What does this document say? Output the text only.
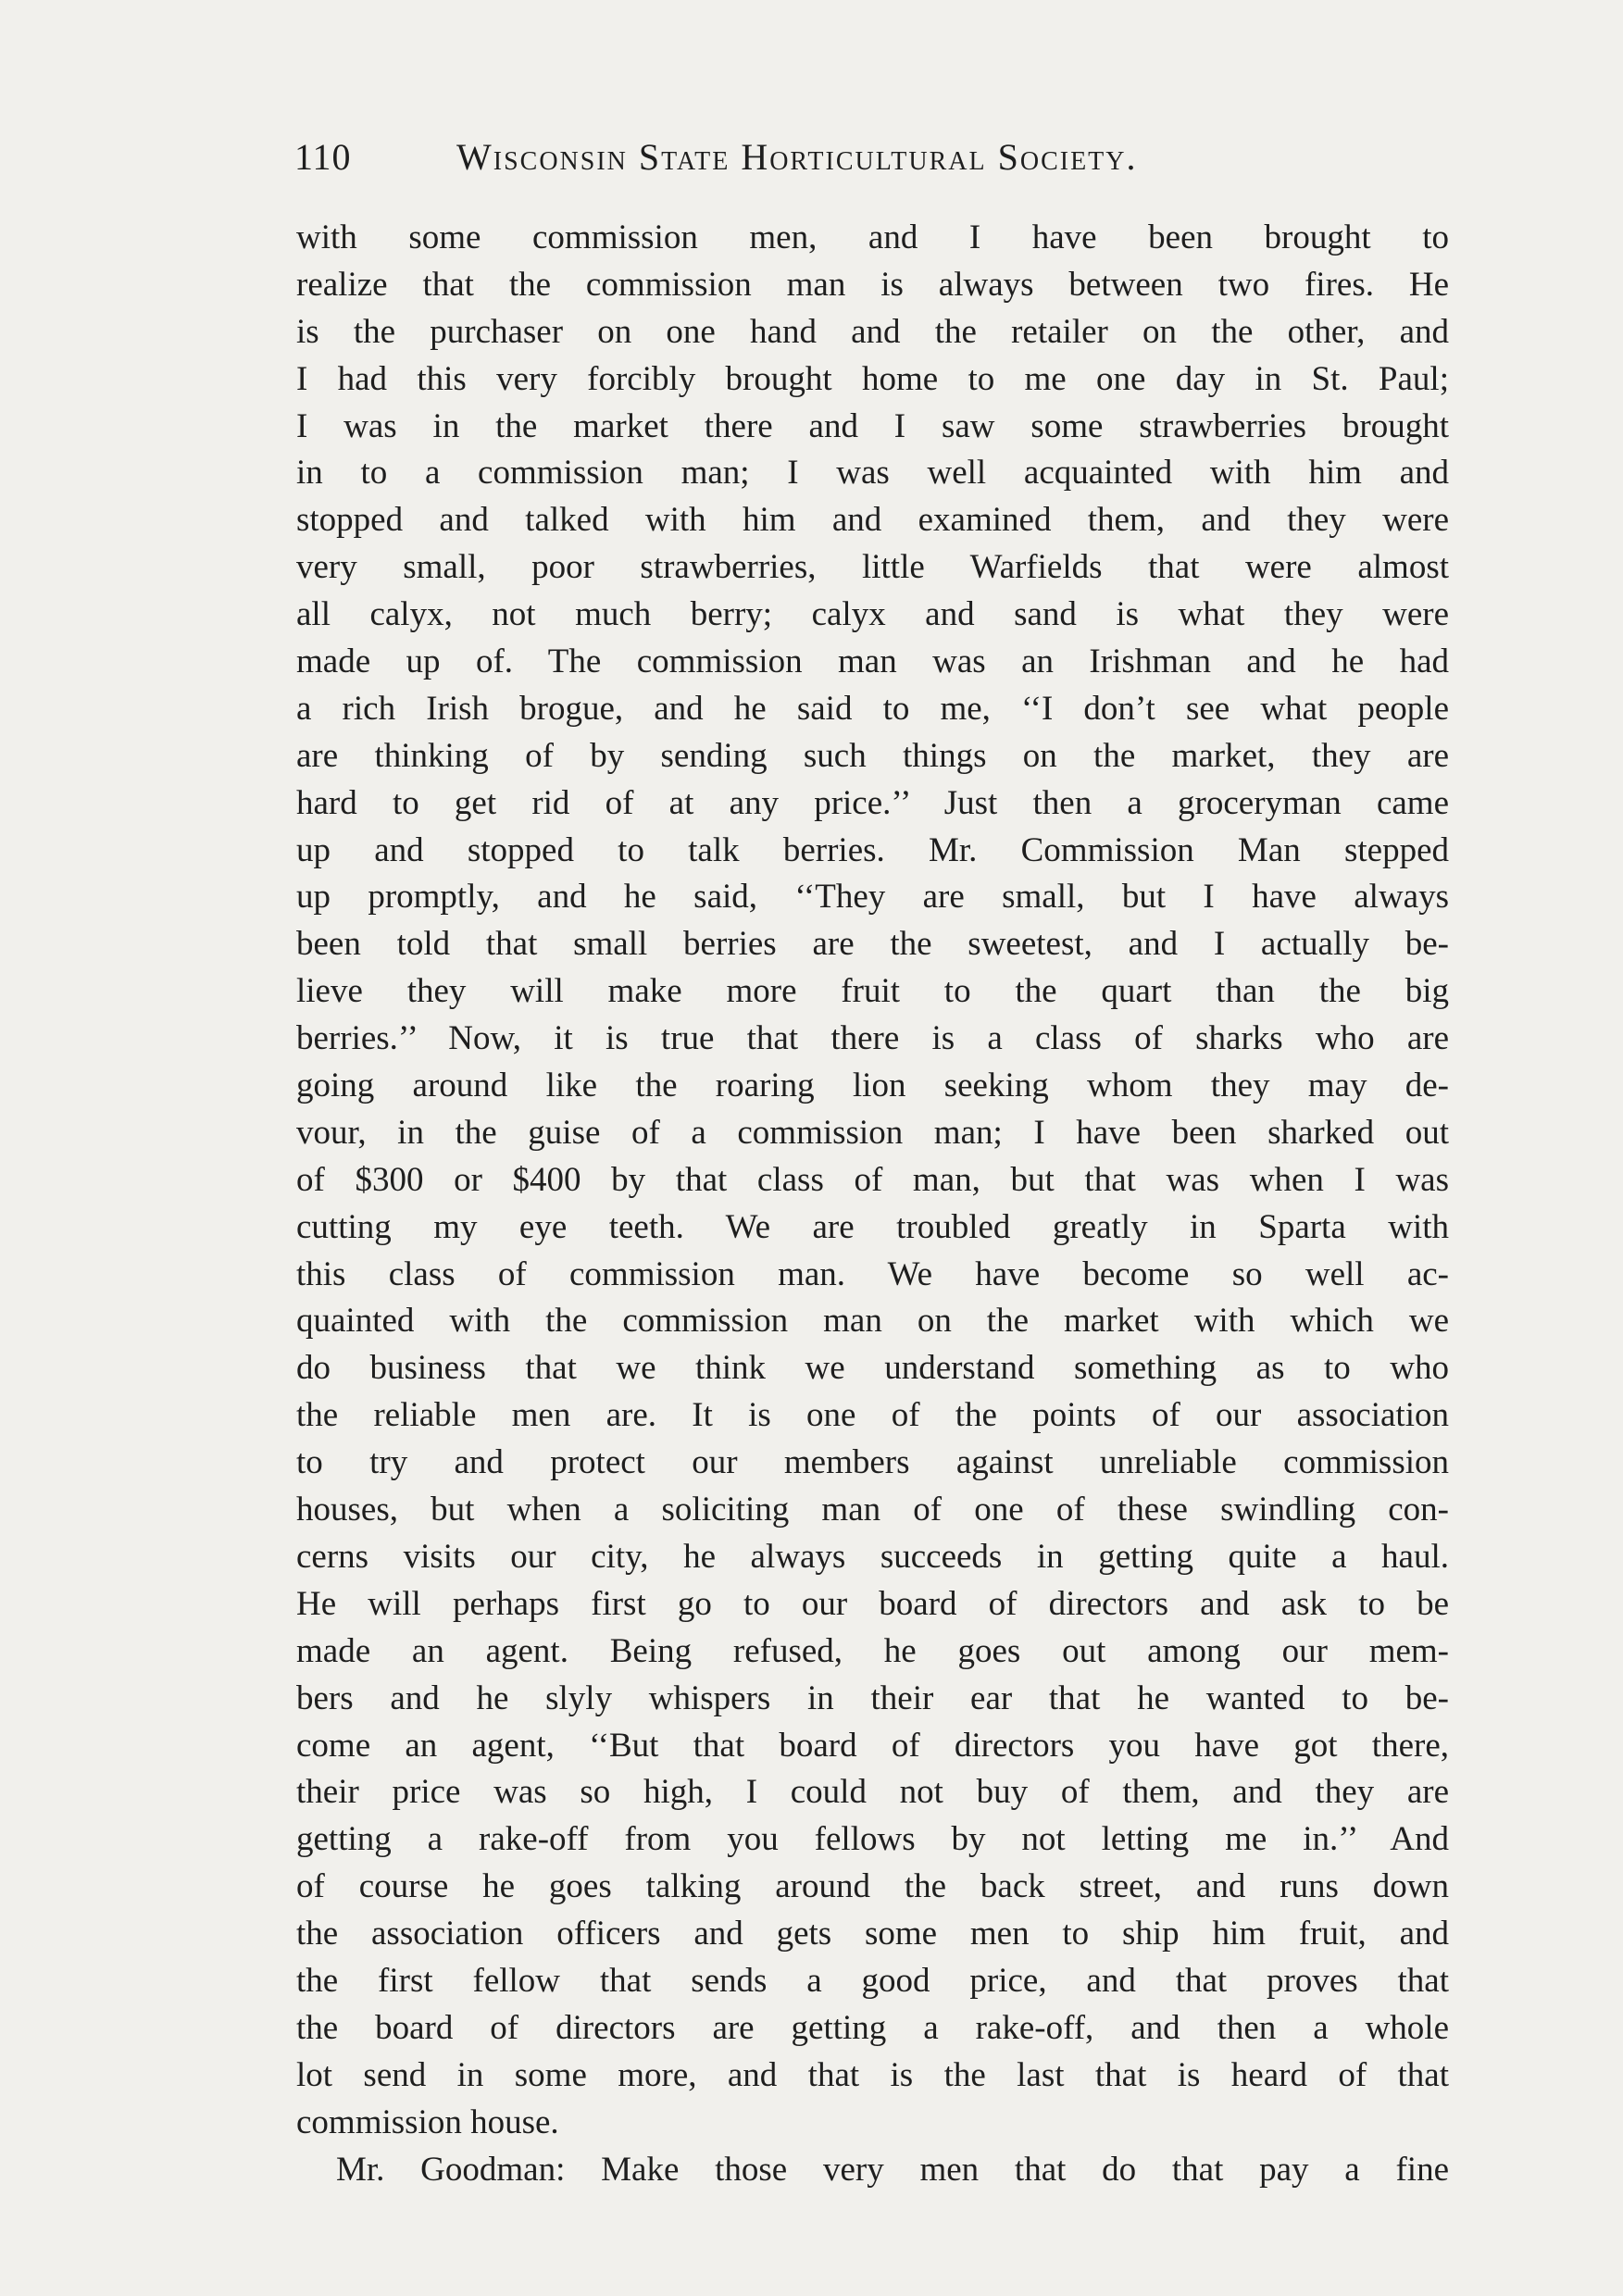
110	Wisconsin State Horticultural Society.
with some commission men, and I have been brought to
realize that the commission man is always between two fires. He
is the purchaser on one hand and the retailer on the other, and
I had this very forcibly brought home to me one day in St. Paul;
I was in the market there and I saw some strawberries brought
in to a commission man; I was well acquainted with him and
stopped and talked with him and examined them, and they were
very small, poor strawberries, little Warfields that were almost
all calyx, not much berry; calyx and sand is what they were
made up of. The commission man was an Irishman and he had
a rich Irish brogue, and he said to me, ‘‘I don’t see what people
are thinking of by sending such things on the market, they are
hard to get rid of at any price.’’ Just then a groceryman came
up and stopped to talk berries. Mr. Commission Man stepped
up promptly, and he said, ‘‘They are small, but I have always
been told that small berries are the sweetest, and I actually be-
lieve they will make more fruit to the quart than the big
berries.’’ Now, it is true that there is a class of sharks who are
going around like the roaring lion seeking whom they may de-
vour, in the guise of a commission man; I have been sharked out
of $300 or $400 by that class of man, but that was when I was
cutting my eye teeth. We are troubled greatly in Sparta with
this class of commission man. We have become so well ac-
quainted with the commission man on the market with which we
do business that we think we understand something as to who
the reliable men are. It is one of the points of our association
to try and protect our members against unreliable commission
houses, but when a soliciting man of one of these swindling con-
cerns visits our city, he always succeeds in getting quite a haul.
He will perhaps first go to our board of directors and ask to be
made an agent. Being refused, he goes out among our mem-
bers and he slyly whispers in their ear that he wanted to be-
come an agent, ‘‘But that board of directors you have got there,
their price was so high, I could not buy of them, and they are
getting a rake-off from you fellows by not letting me in.’’ And
of course he goes talking around the back street, and runs down
the association officers and gets some men to ship him fruit, and
the first fellow that sends a good price, and that proves that
the board of directors are getting a rake-off, and then a whole
lot send in some more, and that is the last that is heard of that
commission house.
Mr. Goodman: Make those very men that do that pay a fine
